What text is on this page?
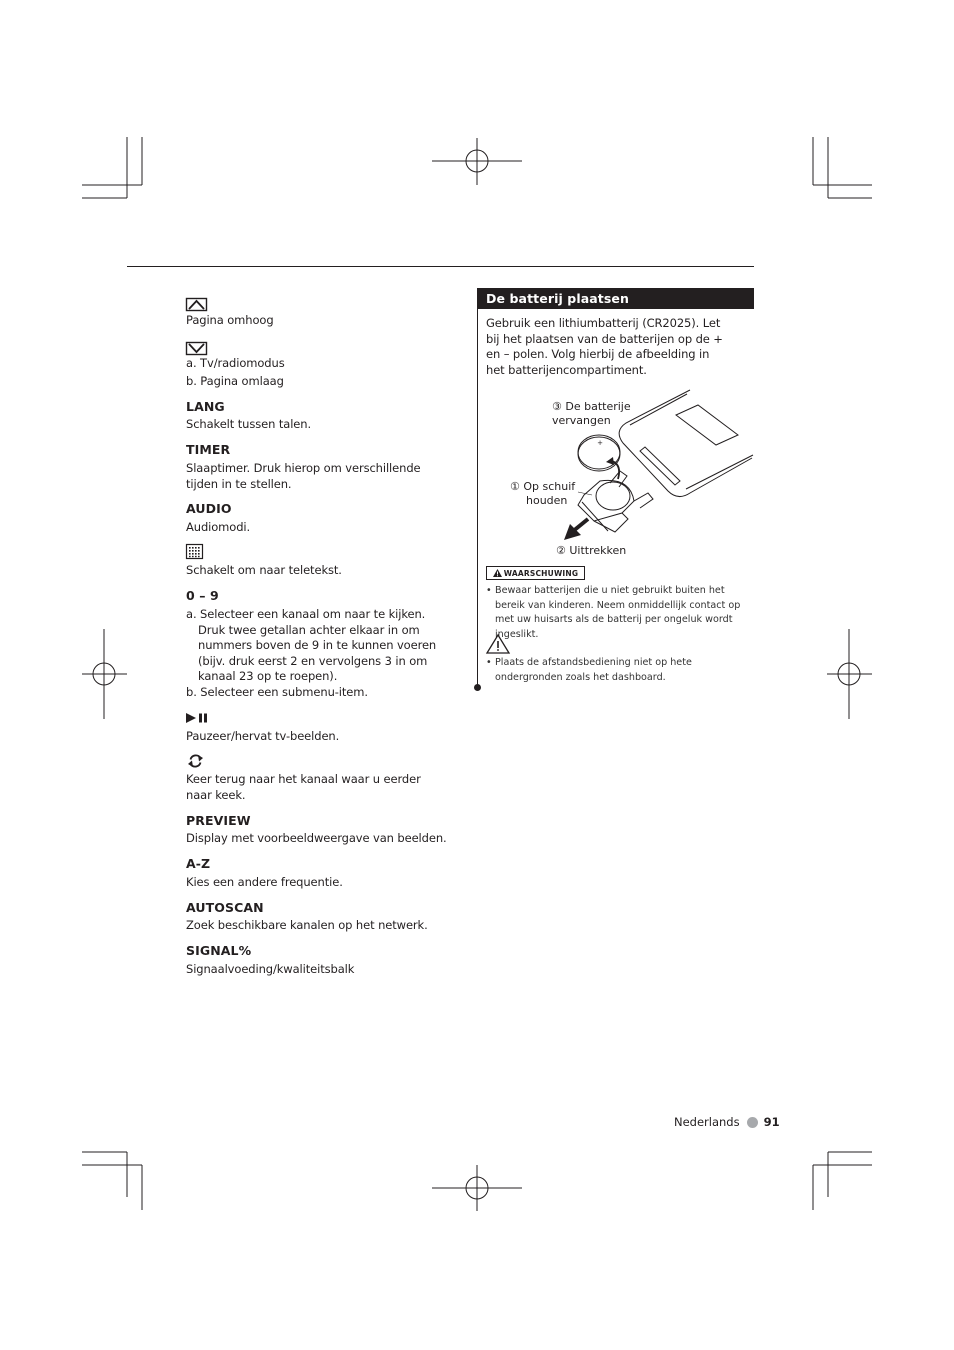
Pagina omhoog
a. Tv/radiomodus
b. Pagina omlaag
LANG
Schakelt tussen talen.
TIMER
Slaaptimer. Druk hierop om verschillende tijden in te stellen.
AUDIO
Audiomodi.
Schakelt om naar teletekst.
0 – 9
a. Selecteer een kanaal om naar te kijken. Druk twee getallan achter elkaar in om nummers boven de 9 in te kunnen voeren (bijv. druk eerst 2 en vervolgens 3 in om kanaal 23 op te roepen).
b. Selecteer een submenu-item.
Pauzeer/hervat tv-beelden.
Keer terug naar het kanaal waar u eerder naar keek.
PREVIEW
Display met voorbeeldweergave van beelden.
A-Z
Kies een andere frequentie.
AUTOSCAN
Zoek beschikbare kanalen op het netwerk.
SIGNAL%
Signaalvoeding/kwaliteitsbalk
De batterij plaatsen
Gebruik een lithiumbatterij (CR2025). Let bij het plaatsen van de batterijen op de + en – polen. Volg hierbij de afbeelding in het batterijencompartiment.
+
③ De batterije
vervangen
① Op schuif
houden
② Uittrekken
WAARSCHUWING
• Bewaar batterijen die u niet gebruikt buiten het bereik van kinderen. Neem onmiddellijk contact op met uw huisarts als de batterij per ongeluk wordt ingeslikt.
• Plaats de afstandsbediening niet op hete ondergronden zoals het dashboard.
Nederlands 91
